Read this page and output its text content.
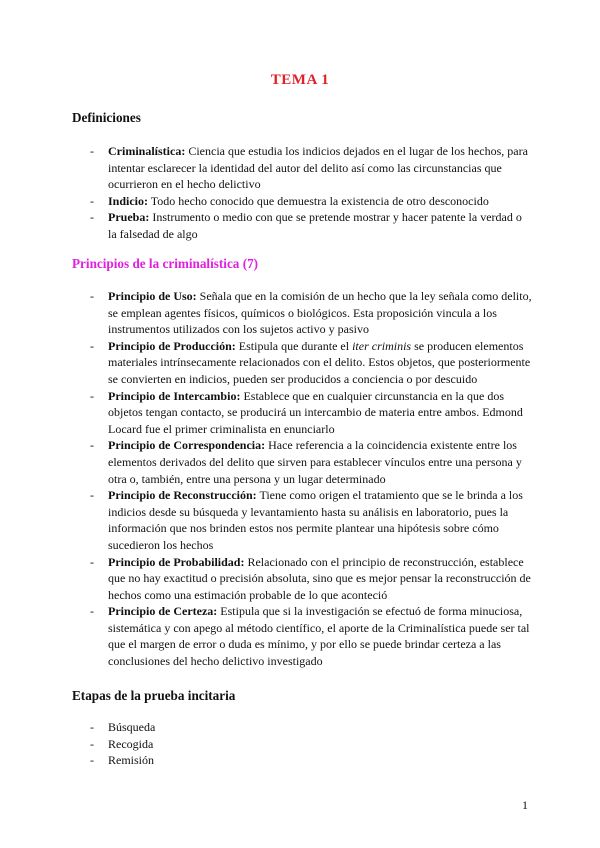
TEMA 1
Definiciones
- Criminalística: Ciencia que estudia los indicios dejados en el lugar de los hechos, para intentar esclarecer la identidad del autor del delito así como las circunstancias que ocurrieron en el hecho delictivo
- Indicio: Todo hecho conocido que demuestra la existencia de otro desconocido
- Prueba: Instrumento o medio con que se pretende mostrar y hacer patente la verdad o la falsedad de algo
Principios de la criminalística (7)
- Principio de Uso: Señala que en la comisión de un hecho que la ley señala como delito, se emplean agentes físicos, químicos o biológicos. Esta proposición vincula a los instrumentos utilizados con los sujetos activo y pasivo
- Principio de Producción: Estipula que durante el iter criminis se producen elementos materiales intrínsecamente relacionados con el delito. Estos objetos, que posteriormente se convierten en indicios, pueden ser producidos a conciencia o por descuido
- Principio de Intercambio: Establece que en cualquier circunstancia en la que dos objetos tengan contacto, se producirá un intercambio de materia entre ambos. Edmond Locard fue el primer criminalista en enunciarlo
- Principio de Correspondencia: Hace referencia a la coincidencia existente entre los elementos derivados del delito que sirven para establecer vínculos entre una persona y otra o, también, entre una persona y un lugar determinado
- Principio de Reconstrucción: Tiene como origen el tratamiento que se le brinda a los indicios desde su búsqueda y levantamiento hasta su análisis en laboratorio, pues la información que nos brinden estos nos permite plantear una hipótesis sobre cómo sucedieron los hechos
- Principio de Probabilidad: Relacionado con el principio de reconstrucción, establece que no hay exactitud o precisión absoluta, sino que es mejor pensar la reconstrucción de hechos como una estimación probable de lo que aconteció
- Principio de Certeza: Estipula que si la investigación se efectuó de forma minuciosa, sistemática y con apego al método científico, el aporte de la Criminalística puede ser tal que el margen de error o duda es mínimo, y por ello se puede brindar certeza a las conclusiones del hecho delictivo investigado
Etapas de la prueba incitaria
- Búsqueda
- Recogida
- Remisión
1
